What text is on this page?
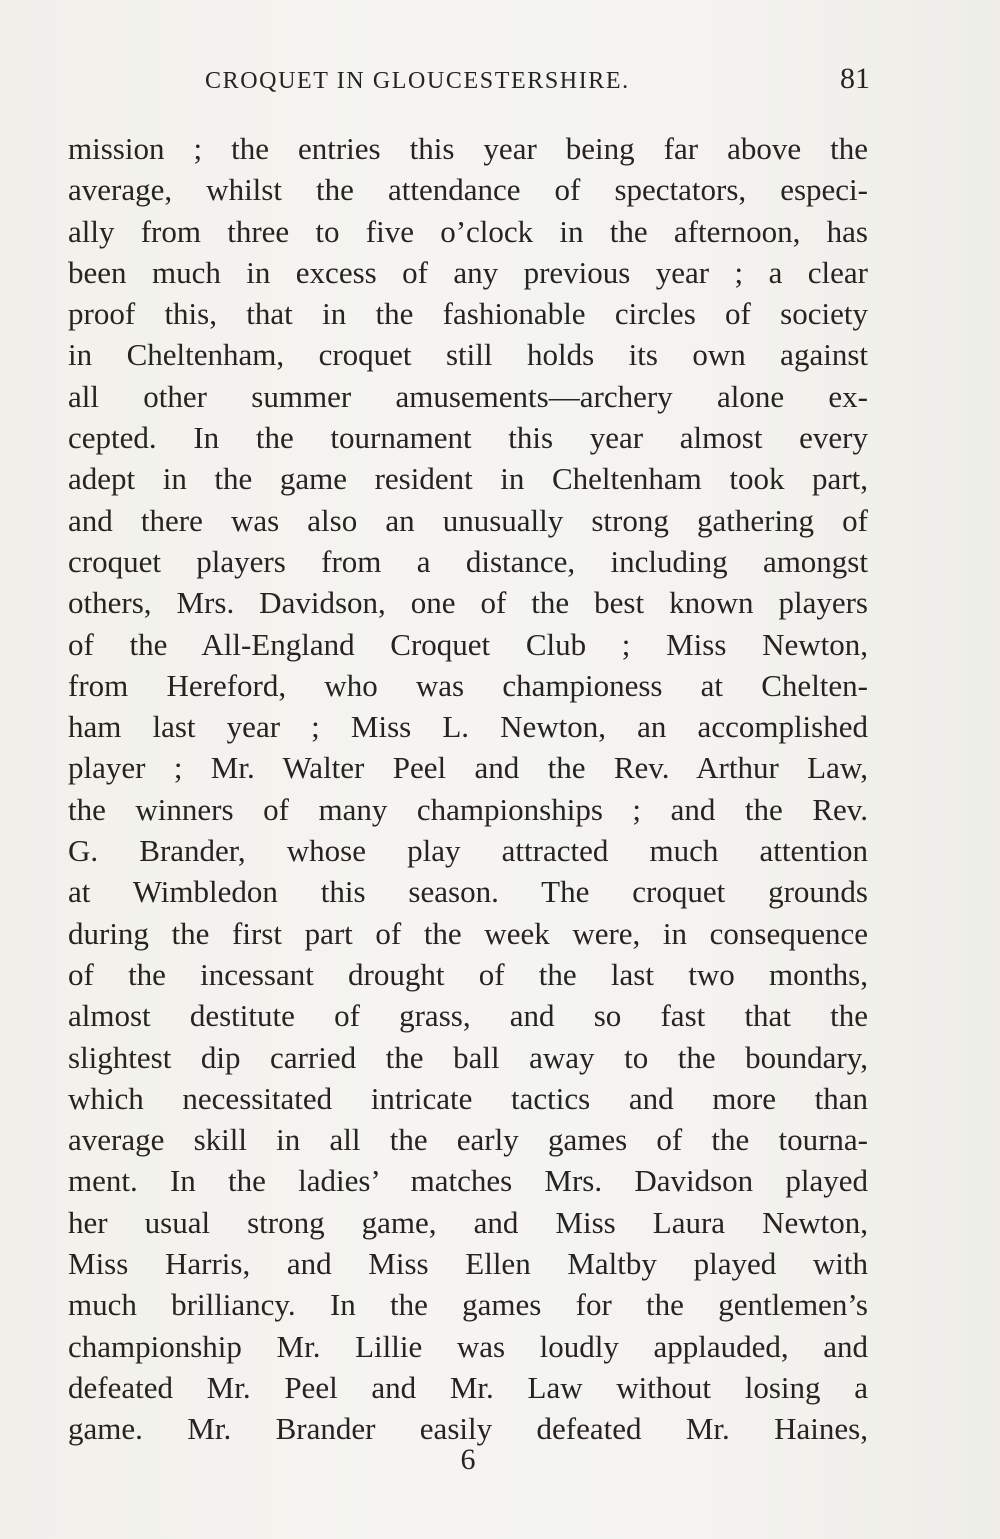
CROQUET IN GLOUCESTERSHIRE.	81
mission ; the entries this year being far above the
average, whilst the attendance of spectators, especi-
ally from three to five o’clock in the afternoon, has
been much in excess of any previous year ; a clear
proof this, that in the fashionable circles of society
in Cheltenham, croquet still holds its own against
all other summer amusements—archery alone ex-
cepted. In the tournament this year almost every
adept in the game resident in Cheltenham took part,
and there was also an unusually strong gathering of
croquet players from a distance, including amongst
others, Mrs. Davidson, one of the best known players
of the All-England Croquet Club ; Miss Newton,
from Hereford, who was championess at Chelten-
ham last year ; Miss L. Newton, an accomplished
player ; Mr. Walter Peel and the Rev. Arthur Law,
the winners of many championships ; and the Rev.
G. Brander, whose play attracted much attention
at Wimbledon this season. The croquet grounds
during the first part of the week were, in consequence
of the incessant drought of the last two months,
almost destitute of grass, and so fast that the
slightest dip carried the ball away to the boundary,
which necessitated intricate tactics and more than
average skill in all the early games of the tourna-
ment. In the ladies’ matches Mrs. Davidson played
her usual strong game, and Miss Laura Newton,
Miss Harris, and Miss Ellen Maltby played with
much brilliancy. In the games for the gentlemen’s
championship Mr. Lillie was loudly applauded, and
defeated Mr. Peel and Mr. Law without losing a
game. Mr. Brander easily defeated Mr. Haines,
6
